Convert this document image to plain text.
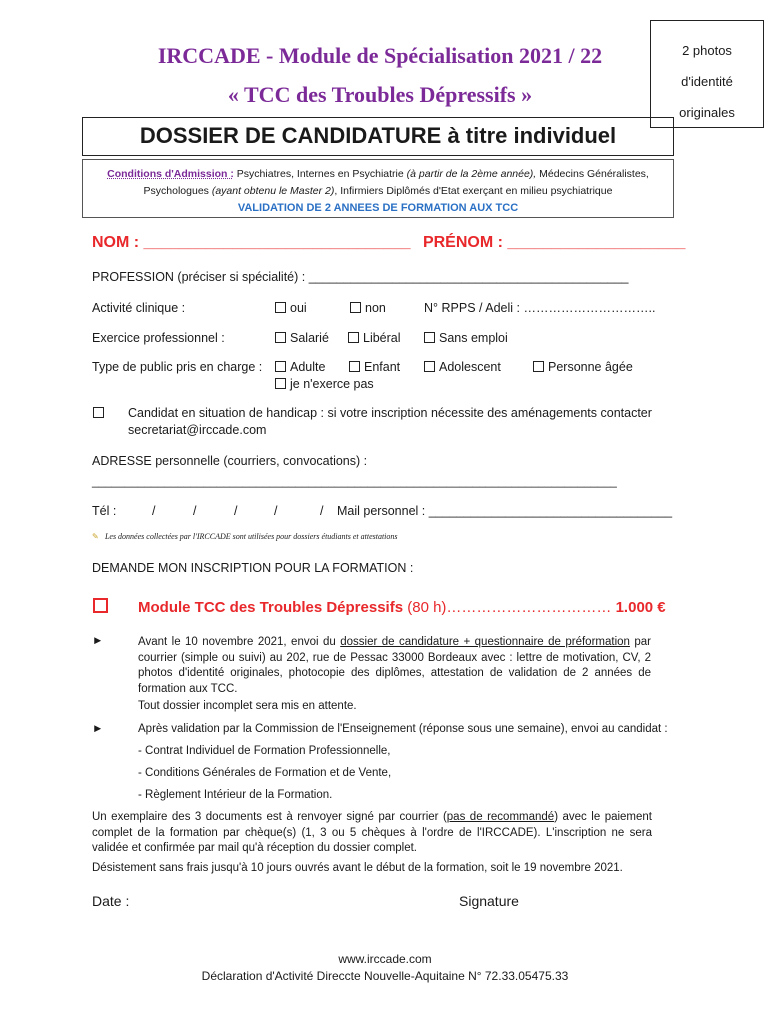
IRCCADE - Module de Spécialisation 2021 / 22
« TCC des Troubles Dépressifs »
2 photos
d'identité
originales
DOSSIER DE CANDIDATURE à titre individuel
Conditions d'Admission : Psychiatres, Internes en Psychiatrie (à partir de la 2ème année), Médecins Généralistes,
Psychologues (ayant obtenu le Master 2), Infirmiers Diplômés d'Etat exerçant en milieu psychiatrique
VALIDATION DE 2 ANNEES DE FORMATION AUX TCC
NOM : ______________________________ PRÉNOM : ____________________
PROFESSION (préciser si spécialité) : ______________________________________________
Activité clinique :	oui	non	N° RPPS / Adeli : …………………………..
Exercice professionnel :	Salarié	Libéral	Sans emploi
Type de public pris en charge :	Adulte	Enfant	Adolescent	Personne âgée
je n'exerce pas
Candidat en situation de handicap : si votre inscription nécessite des aménagements contacter
secretariat@irccade.com
ADRESSE personnelle (courriers, convocations) :
________________________________________________________________________________
Tél :	/	/	/	/	/ Mail personnel : ___________________________________
✎ Les données collectées par l'IRCCADE sont utilisées pour dossiers étudiants et attestations
DEMANDE MON INSCRIPTION POUR LA FORMATION :
Module TCC des Troubles Dépressifs (80 h)…………………………… 1.000 €
►	Avant le 10 novembre 2021, envoi du dossier de candidature + questionnaire de préformation par courrier (simple ou suivi) au 202, rue de Pessac 33000 Bordeaux avec : lettre de motivation, CV, 2 photos d'identité originales, photocopie des diplômes, attestation de validation de 2 années de formation aux TCC.
Tout dossier incomplet sera mis en attente.
►	Après validation par la Commission de l'Enseignement (réponse sous une semaine), envoi au candidat :
- Contrat Individuel de Formation Professionnelle,
- Conditions Générales de Formation et de Vente,
- Règlement Intérieur de la Formation.
Un exemplaire des 3 documents est à renvoyer signé par courrier (pas de recommandé) avec le paiement complet de la formation par chèque(s) (1, 3 ou 5 chèques à l'ordre de l'IRCCADE). L'inscription ne sera validée et confirmée par mail qu'à réception du dossier complet.
Désistement sans frais jusqu'à 10 jours ouvrés avant le début de la formation, soit le 19 novembre 2021.
Date :	Signature
www.irccade.com
Déclaration d'Activité Direccte Nouvelle-Aquitaine N° 72.33.05475.33
